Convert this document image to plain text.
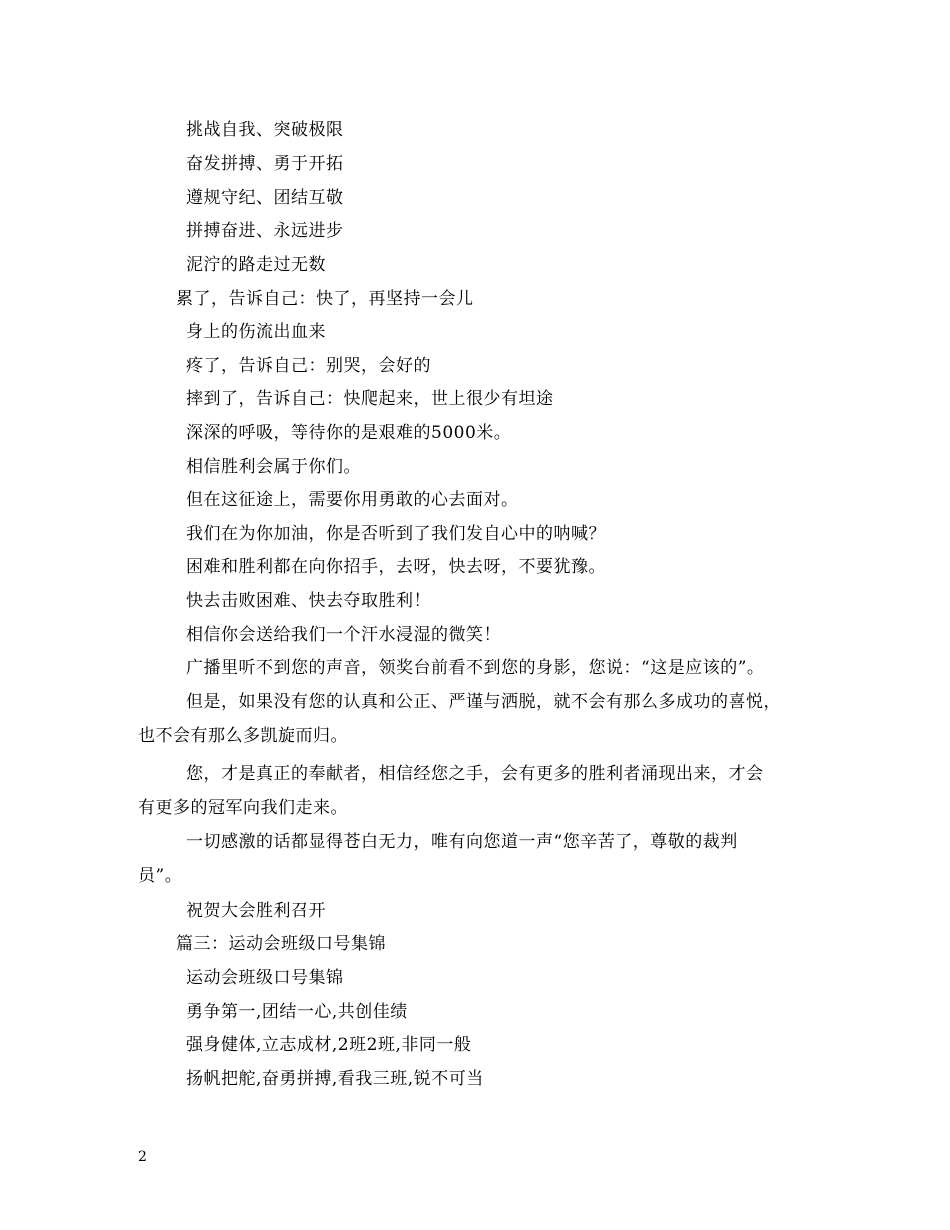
挑战自我、突破极限
奋发拼搏、勇于开拓
遵规守纪、团结互敬
拼搏奋进、永远进步
泥泞的路走过无数
累了，告诉自己：快了，再坚持一会儿
身上的伤流出血来
疼了，告诉自己：别哭，会好的
摔到了，告诉自己：快爬起来，世上很少有坦途
深深的呼吸，等待你的是艰难的5000米。
相信胜利会属于你们。
但在这征途上，需要你用勇敢的心去面对。
我们在为你加油，你是否听到了我们发自心中的呐喊？
困难和胜利都在向你招手，去呀，快去呀，不要犹豫。
快去击败困难、快去夺取胜利！
相信你会送给我们一个汗水浸湿的微笑！
广播里听不到您的声音，领奖台前看不到您的身影，您说：“这是应该的”。
但是，如果没有您的认真和公正、严谨与洒脱，就不会有那么多成功的喜悦，
也不会有那么多凯旋而归。
您，才是真正的奉献者，相信经您之手，会有更多的胜利者涌现出来，才会
有更多的冠军向我们走来。
一切感激的话都显得苍白无力，唯有向您道一声“您辛苦了，尊敬的裁判
员”。
祝贺大会胜利召开
篇三：运动会班级口号集锦
运动会班级口号集锦
勇争第一,团结一心,共创佳绩
强身健体,立志成材,2班2班,非同一般
扬帆把舵,奋勇拼搏,看我三班,锐不可当
2
